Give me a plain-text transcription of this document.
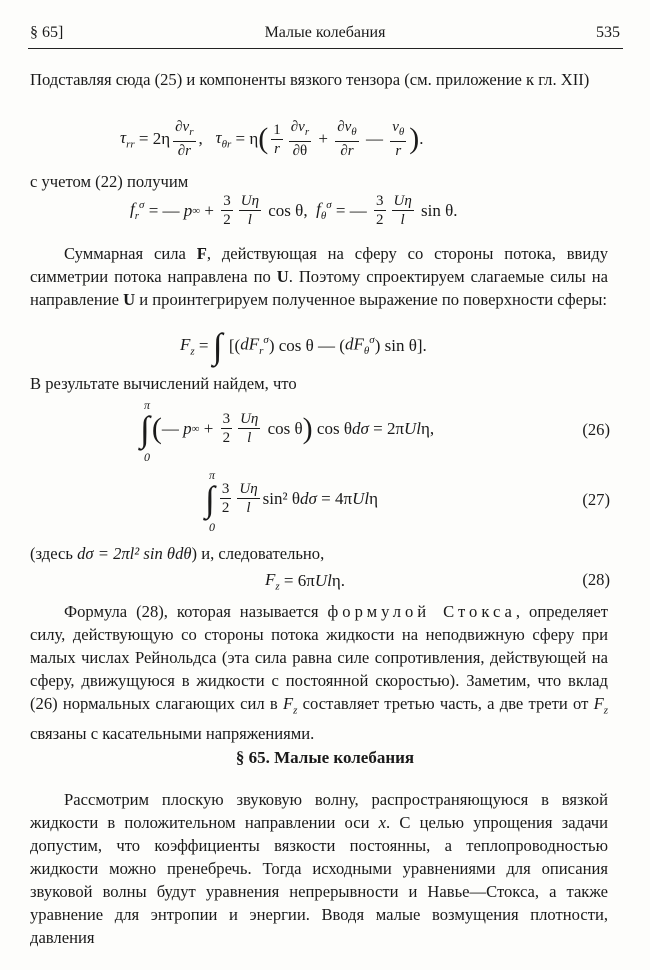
§ 65]	Малые колебания	535
Подставляя сюда (25) и компоненты вязкого тензора (см. приложение к гл. XII)
$\tau_{rr} = 2\eta \frac{\partial v_r}{\partial r}$ , $\tau_{\theta r} = \eta$ ( $\frac{1}{r} \frac{\partial v_r}{\partial\theta} + \frac{\partial v_\theta}{\partial r}$ — $\frac{v_\theta}{r}$ ) .
с учетом (22) получим
$f_r^\sigma$ = — p ∞ + $\frac{3}{2} \frac{U\eta}{l}$ cos θ, $f_\theta^\sigma$ = — $\frac{3}{2} \frac{U\eta}{l}$ sin θ.
Суммарная сила F, действующая на сферу со стороны потока, ввиду симметрии потока направлена по U. Поэтому спроектируем слагаемые силы на направление U и проинтегрируем полученное выражение по поверхности сферы:
$F_z$ = ∫ [( $dF_r^\sigma$ ) cos θ — ( $dF_\theta^\sigma$ ) sin θ].
В результате вычислений найдем, что
π
∫
0
( — p ∞ + $\frac{3}{2} \frac{U\eta}{l}$ cos θ ) cos θ dσ = 2π Ul η,	(26)
π
∫
0
$\frac{3}{2} \frac{U\eta}{l} \sin^2$ θ dσ = 4π Ul η	(27)
(здесь dσ = 2πl² sin θdθ) и, следовательно,
$F_z = 6\pi$ Ul η.	(28)
Формула (28), которая называется формулой Стокса, определяет силу, действующую со стороны потока жидкости на неподвижную сферу при малых числах Рейнольдса (эта сила равна силе сопротивления, действующей на сферу, движущуюся в жидкости с постоянной скоростью). Заметим, что вклад (26) нормальных слагающих сил в $F_z$ составляет третью часть, а две трети от $F_z$ связаны с касательными напряжениями.
§ 65. Малые колебания
Рассмотрим плоскую звуковую волну, распространяющуюся в вязкой жидкости в положительном направлении оси x. С целью упрощения задачи допустим, что коэффициенты вязкости постоянны, а теплопроводностью жидкости можно пренебречь. Тогда исходными уравнениями для описания звуковой волны будут уравнения непрерывности и Навье—Стокса, а также уравнение для энтропии и энергии. Вводя малые возмущения плотности, давления
